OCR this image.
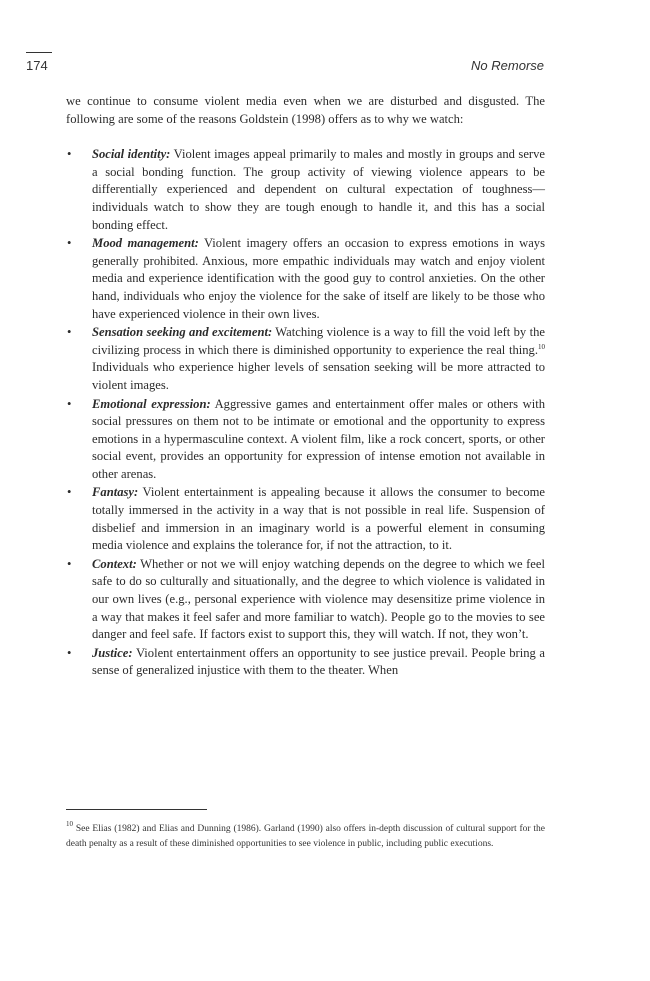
174	No Remorse

we continue to consume violent media even when we are disturbed and disgusted. The following are some of the reasons Goldstein (1998) offers as to why we watch:

• Social identity: Violent images appeal primarily to males and mostly in groups and serve a social bonding function. The group activity of viewing violence appears to be differentially experienced and dependent on cultural expectation of toughness—individuals watch to show they are tough enough to handle it, and this has a social bonding effect.
• Mood management: Violent imagery offers an occasion to express emotions in ways generally prohibited. Anxious, more empathic individuals may watch and enjoy violent media and experience identification with the good guy to control anxieties. On the other hand, individuals who enjoy the violence for the sake of itself are likely to be those who have experienced violence in their own lives.
• Sensation seeking and excitement: Watching violence is a way to fill the void left by the civilizing process in which there is diminished opportunity to experience the real thing.$^{10}$ Individuals who experience higher levels of sensation seeking will be more attracted to violent images.
• Emotional expression: Aggressive games and entertainment offer males or others with social pressures on them not to be intimate or emotional and the opportunity to express emotions in a hypermasculine context. A violent film, like a rock concert, sports, or other social event, provides an opportunity for expression of intense emotion not available in other arenas.
• Fantasy: Violent entertainment is appealing because it allows the consumer to become totally immersed in the activity in a way that is not possible in real life. Suspension of disbelief and immersion in an imaginary world is a powerful element in consuming media violence and explains the tolerance for, if not the attraction, to it.
• Context: Whether or not we will enjoy watching depends on the degree to which we feel safe to do so culturally and situationally, and the degree to which violence is validated in our own lives (e.g., personal experience with violence may desensitize prime violence in a way that makes it feel safer and more familiar to watch). People go to the movies to see danger and feel safe. If factors exist to support this, they will watch. If not, they won’t.
• Justice: Violent entertainment offers an opportunity to see justice prevail. People bring a sense of generalized injustice with them to the theater. When
$^{10}$ See Elias (1982) and Elias and Dunning (1986). Garland (1990) also offers in-depth discussion of cultural support for the death penalty as a result of these diminished opportunities to see violence in public, including public executions.
